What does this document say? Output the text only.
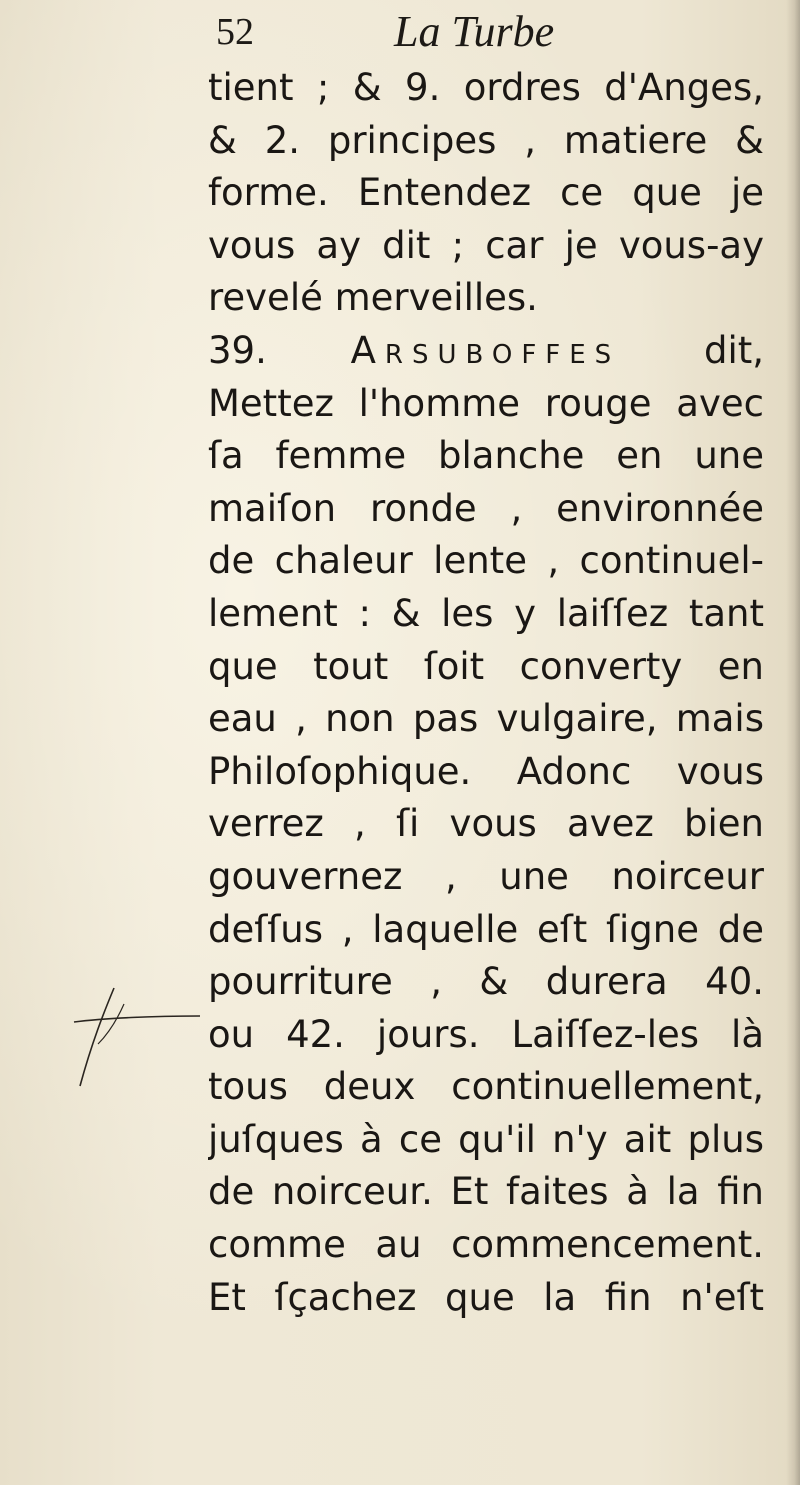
52	La Turbe
tient ; & 9. ordres d'Anges,
& 2. principes , matiere &
forme. Entendez ce que je
vous ay dit ; car je vous-ay
revelé merveilles.
39. Arsuboffes dit,
Mettez l'homme rouge avec
ſa femme blanche en une
maiſon ronde , environnée
de chaleur lente , continuel-
lement : & les y laiſſez tant
que tout ſoit converty en
eau , non pas vulgaire, mais
Philoſophique. Adonc vous
verrez , ſi vous avez bien
gouvernez , une noirceur
deſſus , laquelle eſt ſigne de
pourriture , & durera 40.
ou 42. jours. Laiſſez-les là
tous deux continuellement,
juſques à ce qu'il n'y ait plus
de noirceur. Et faites à la fin
comme au commencement.
Et ſçachez que la fin n'eſt
